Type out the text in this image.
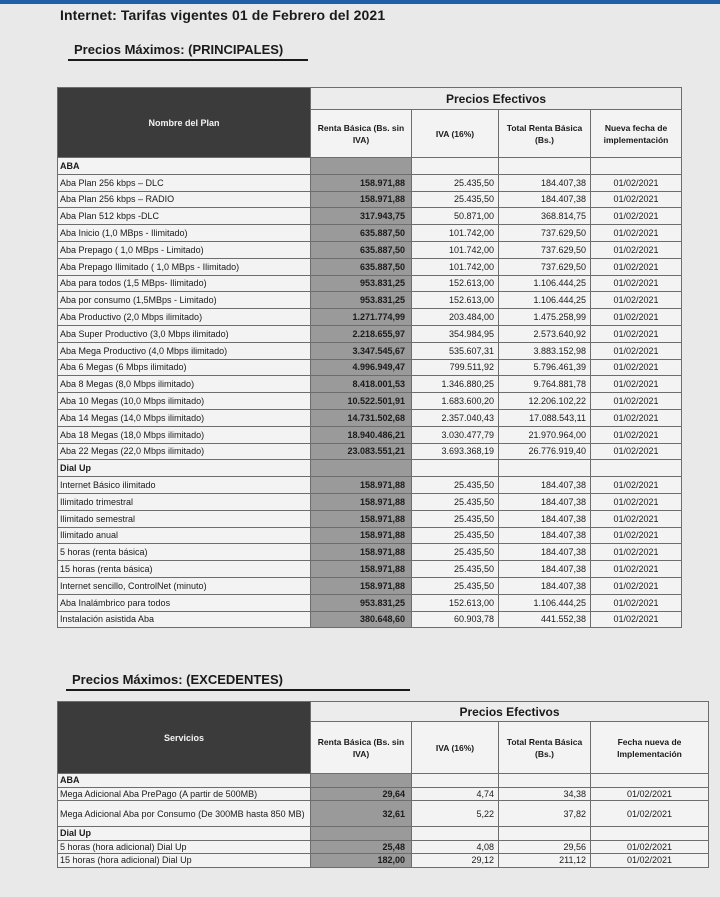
Internet: Tarifas vigentes 01 de Febrero del 2021
Precios Máximos: (PRINCIPALES)
Nombre del Plan	Precios Efectivos			
	Renta Básica (Bs. sin IVA)	IVA (16%)	Total Renta Básica (Bs.)	Nueva fecha de implementación
ABA				
Aba Plan 256 kbps – DLC	158.971,88	25.435,50	184.407,38	01/02/2021
Aba Plan 256 kbps – RADIO	158.971,88	25.435,50	184.407,38	01/02/2021
Aba Plan 512 kbps -DLC	317.943,75	50.871,00	368.814,75	01/02/2021
Aba Inicio (1,0 MBps - Ilimitado)	635.887,50	101.742,00	737.629,50	01/02/2021
Aba Prepago ( 1,0 MBps - Limitado)	635.887,50	101.742,00	737.629,50	01/02/2021
Aba Prepago Ilimitado ( 1,0 MBps - Ilimitado)	635.887,50	101.742,00	737.629,50	01/02/2021
Aba para todos (1,5 MBps- Ilimitado)	953.831,25	152.613,00	1.106.444,25	01/02/2021
Aba por consumo (1,5MBps - Limitado)	953.831,25	152.613,00	1.106.444,25	01/02/2021
Aba Productivo (2,0 Mbps ilimitado)	1.271.774,99	203.484,00	1.475.258,99	01/02/2021
Aba Super Productivo (3,0 Mbps ilimitado)	2.218.655,97	354.984,95	2.573.640,92	01/02/2021
Aba Mega Productivo (4,0 Mbps ilimitado)	3.347.545,67	535.607,31	3.883.152,98	01/02/2021
Aba 6 Megas (6 Mbps ilimitado)	4.996.949,47	799.511,92	5.796.461,39	01/02/2021
Aba 8 Megas (8,0 Mbps ilimitado)	8.418.001,53	1.346.880,25	9.764.881,78	01/02/2021
Aba 10 Megas (10,0 Mbps ilimitado)	10.522.501,91	1.683.600,20	12.206.102,22	01/02/2021
Aba 14 Megas (14,0 Mbps ilimitado)	14.731.502,68	2.357.040,43	17.088.543,11	01/02/2021
Aba 18 Megas (18,0 Mbps ilimitado)	18.940.486,21	3.030.477,79	21.970.964,00	01/02/2021
Aba 22 Megas (22,0 Mbps ilimitado)	23.083.551,21	3.693.368,19	26.776.919,40	01/02/2021
Dial Up				
Internet Básico ilimitado	158.971,88	25.435,50	184.407,38	01/02/2021
Ilimitado trimestral	158.971,88	25.435,50	184.407,38	01/02/2021
Ilimitado semestral	158.971,88	25.435,50	184.407,38	01/02/2021
Ilimitado anual	158.971,88	25.435,50	184.407,38	01/02/2021
5 horas (renta básica)	158.971,88	25.435,50	184.407,38	01/02/2021
15 horas (renta básica)	158.971,88	25.435,50	184.407,38	01/02/2021
Internet sencillo, ControlNet (minuto)	158.971,88	25.435,50	184.407,38	01/02/2021
Aba Inalámbrico para todos	953.831,25	152.613,00	1.106.444,25	01/02/2021
Instalación asistida Aba	380.648,60	60.903,78	441.552,38	01/02/2021
Precios Máximos: (EXCEDENTES)
Servicios	Precios Efectivos			
	Renta Básica (Bs. sin IVA)	IVA (16%)	Total Renta Básica (Bs.)	Fecha nueva de Implementación
ABA				
Mega Adicional Aba PrePago (A partir de 500MB)	29,64	4,74	34,38	01/02/2021
Mega Adicional Aba por Consumo (De 300MB hasta 850 MB)	32,61	5,22	37,82	01/02/2021
Dial Up				
5 horas (hora adicional) Dial Up	25,48	4,08	29,56	01/02/2021
15 horas (hora adicional) Dial Up	182,00	29,12	211,12	01/02/2021
